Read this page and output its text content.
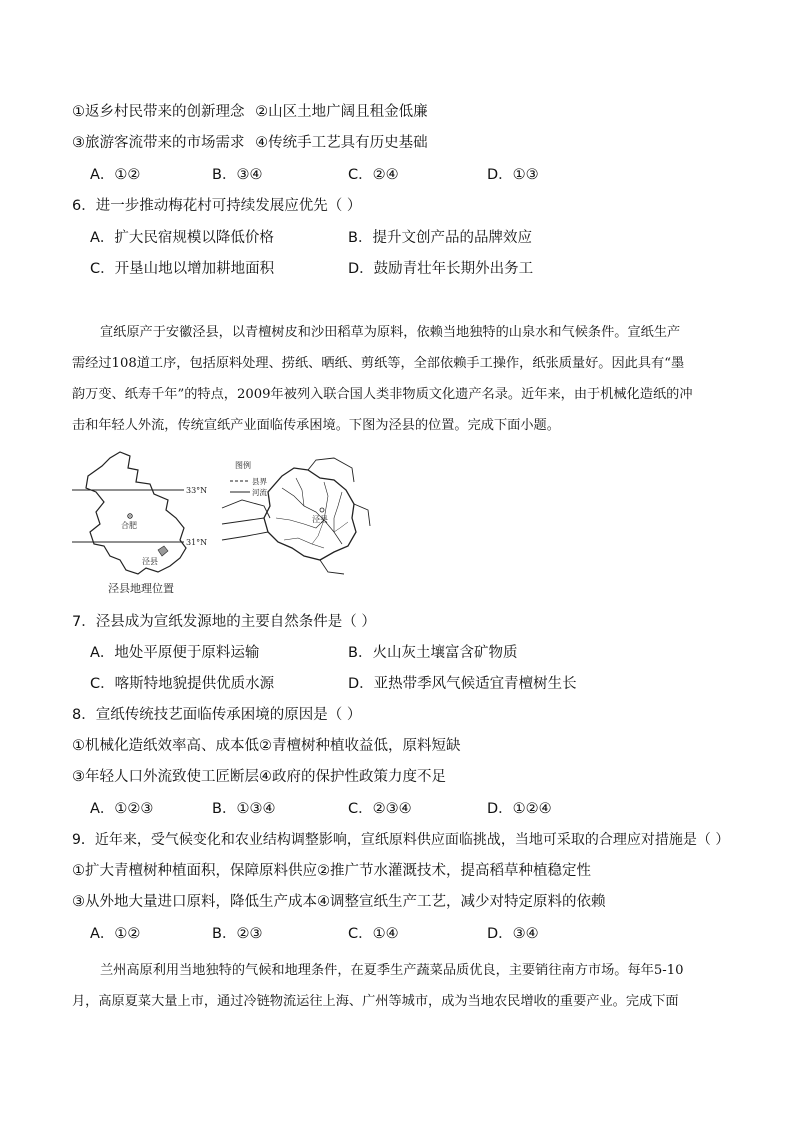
①返乡村民带来的创新理念 ②山区土地广阔且租金低廉
③旅游客流带来的市场需求 ④传统手工艺具有历史基础
A．①②	B．③④	C．②④	D．①③
6．进一步推动梅花村可持续发展应优先（ ）
A．扩大民宿规模以降低价格	B．提升文创产品的品牌效应
C．开垦山地以增加耕地面积	D．鼓励青壮年长期外出务工
宣纸原产于安徽泾县，以青檀树皮和沙田稻草为原料，依赖当地独特的山泉水和气候条件。宣纸生产
需经过108道工序，包括原料处理、捞纸、晒纸、剪纸等，全部依赖手工操作，纸张质量好。因此具有“墨
韵万变、纸寿千年”的特点，2009年被列入联合国人类非物质文化遗产名录。近年来，由于机械化造纸的冲
击和年轻人外流，传统宣纸产业面临传承困境。下图为泾县的位置。完成下面小题。
33°N
31°N
合肥
泾县
图例
县界
河流
泾县
泾县地理位置
7．泾县成为宣纸发源地的主要自然条件是（ ）
A．地处平原便于原料运输	B．火山灰土壤富含矿物质
C．喀斯特地貌提供优质水源	D．亚热带季风气候适宜青檀树生长
8．宣纸传统技艺面临传承困境的原因是（ ）
①机械化造纸效率高、成本低②青檀树种植收益低，原料短缺
③年轻人口外流致使工匠断层④政府的保护性政策力度不足
A．①②③	B．①③④	C．②③④	D．①②④
9．近年来，受气候变化和农业结构调整影响，宣纸原料供应面临挑战，当地可采取的合理应对措施是（ ）
①扩大青檀树种植面积，保障原料供应②推广节水灌溉技术，提高稻草种植稳定性
③从外地大量进口原料，降低生产成本④调整宣纸生产工艺，减少对特定原料的依赖
A．①②	B．②③	C．①④	D．③④
兰州高原利用当地独特的气候和地理条件，在夏季生产蔬菜品质优良，主要销往南方市场。每年5-10
月，高原夏菜大量上市，通过冷链物流运往上海、广州等城市，成为当地农民增收的重要产业。完成下面
